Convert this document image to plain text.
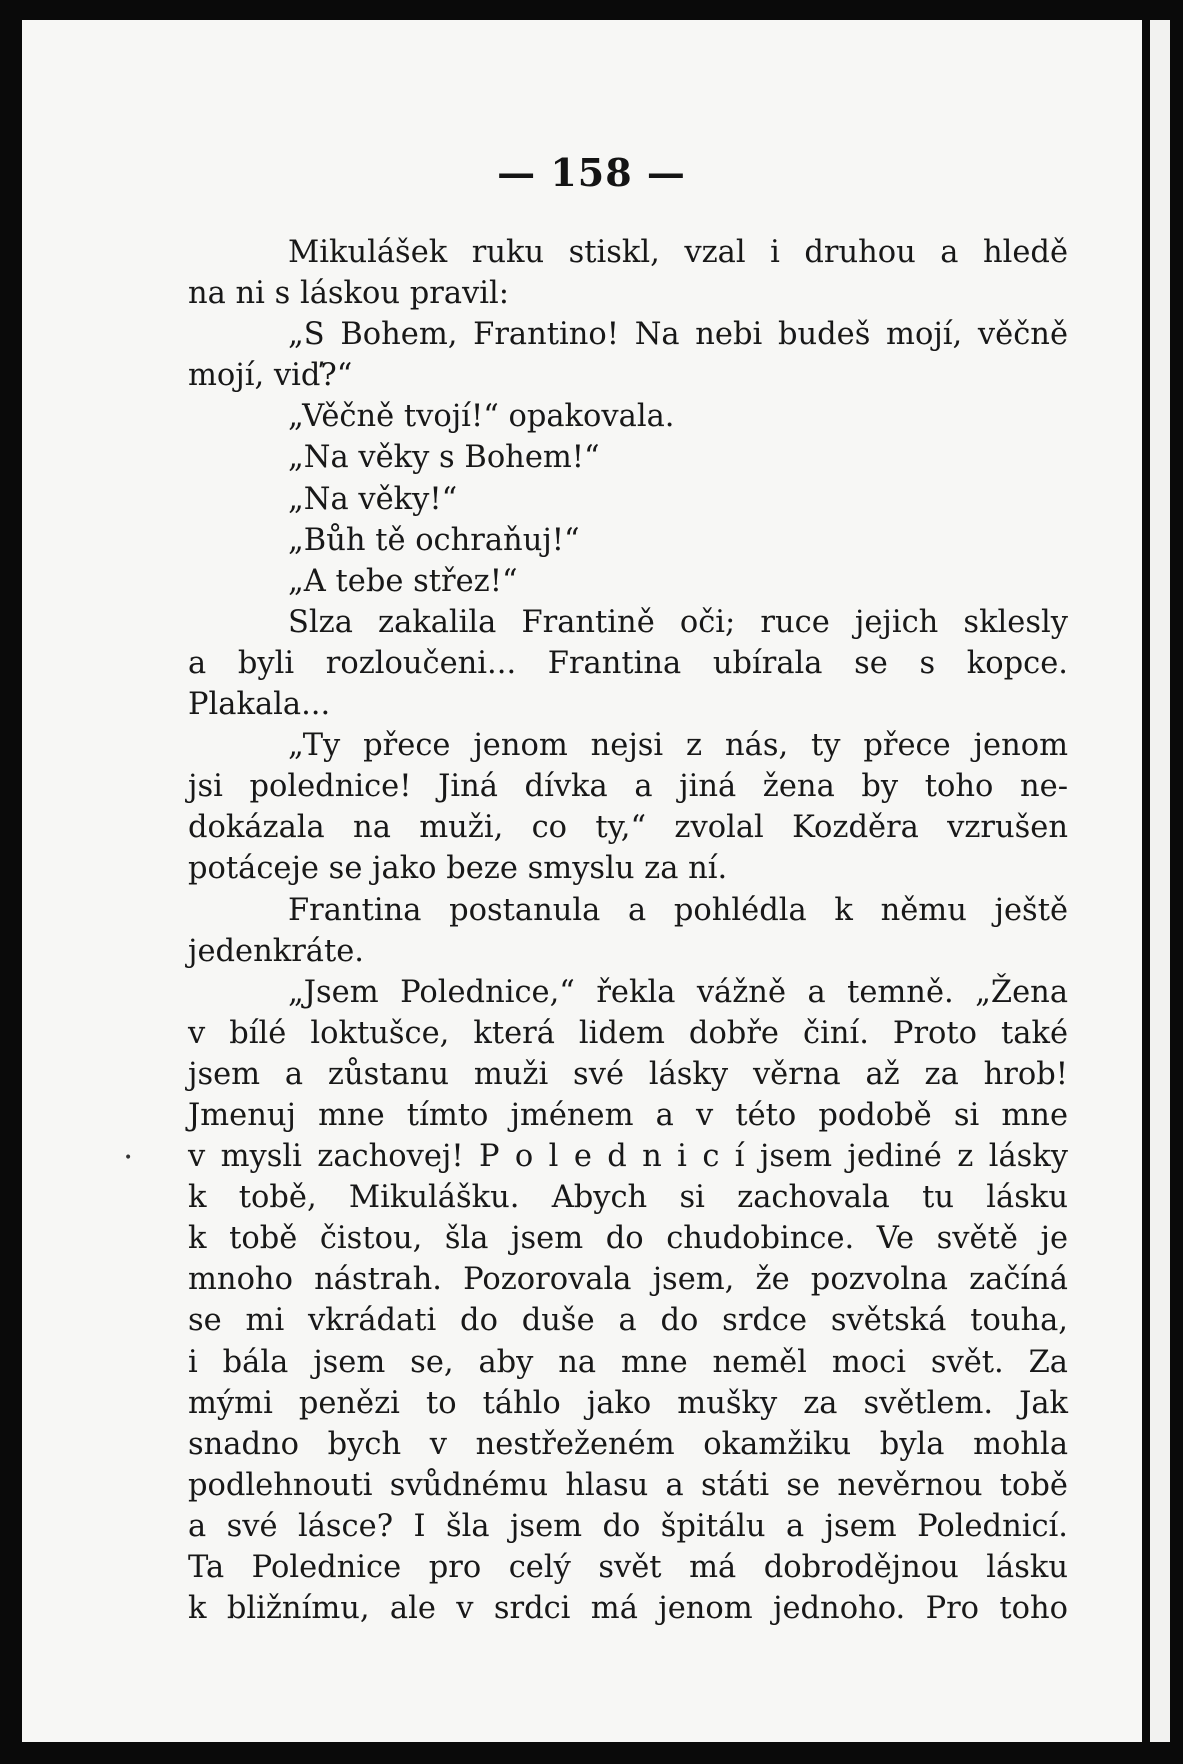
— 158 —
•
Mikulášek ruku stiskl, vzal i druhou a hledě
na ni s láskou pravil:
„S Bohem, Frantino! Na nebi budeš mojí, věčně
mojí, viď?“
„Věčně tvojí!“ opakovala.
„Na věky s Bohem!“
„Na věky!“
„Bůh tě ochraňuj!“
„A tebe střez!“
Slza zakalila Frantině oči; ruce jejich sklesly
a byli rozloučeni... Frantina ubírala se s kopce.
Plakala...
„Ty přece jenom nejsi z nás, ty přece jenom
jsi polednice! Jiná dívka a jiná žena by toho ne-
dokázala na muži, co ty,“ zvolal Kozděra vzrušen
potáceje se jako beze smyslu za ní.
Frantina postanula a pohlédla k němu ještě
jedenkráte.
„Jsem Polednice,“ řekla vážně a temně. „Žena
v bílé loktušce, která lidem dobře činí. Proto také
jsem a zůstanu muži své lásky věrna až za hrob!
Jmenuj mne tímto jménem a v této podobě si mne
v mysli zachovej! P o l e d n i c í jsem jediné z lásky
k tobě, Mikulášku. Abych si zachovala tu lásku
k tobě čistou, šla jsem do chudobince. Ve světě je
mnoho nástrah. Pozorovala jsem, že pozvolna začíná
se mi vkrádati do duše a do srdce světská touha,
i bála jsem se, aby na mne neměl moci svět. Za
mými penězi to táhlo jako mušky za světlem. Jak
snadno bych v nestřeženém okamžiku byla mohla
podlehnouti svůdnému hlasu a státi se nevěrnou tobě
a své lásce? I šla jsem do špitálu a jsem Polednicí.
Ta Polednice pro celý svět má dobrodějnou lásku
k bližnímu, ale v srdci má jenom jednoho. Pro toho
